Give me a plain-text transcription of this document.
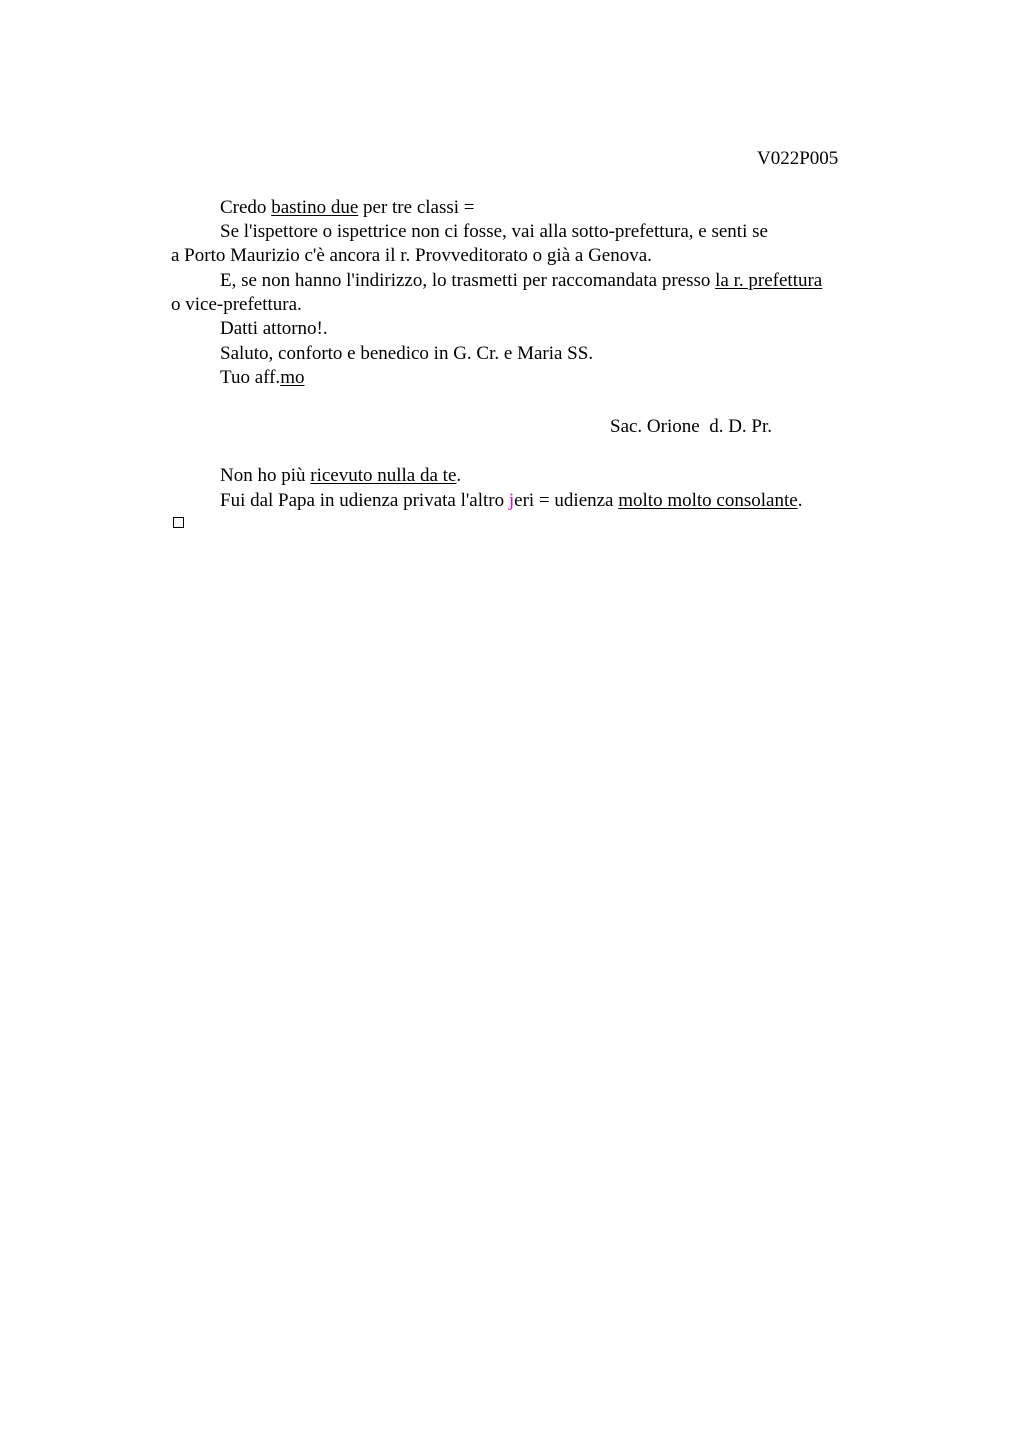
V022P005
Credo bastino due per tre classi =
Se l'ispettore o ispettrice non ci fosse, vai alla sotto-prefettura, e senti se
a Porto Maurizio c'è ancora il r. Provveditorato o già a Genova.
E, se non hanno l'indirizzo, lo trasmetti per raccomandata presso la r. prefettura
o vice-prefettura.
Datti attorno!.
Saluto, conforto e benedico in G. Cr. e Maria SS.
Tuo aff.mo
Sac. Orione  d. D. Pr.
Non ho più ricevuto nulla da te.
Fui dal Papa in udienza privata l'altro jeri = udienza molto molto consolante.
